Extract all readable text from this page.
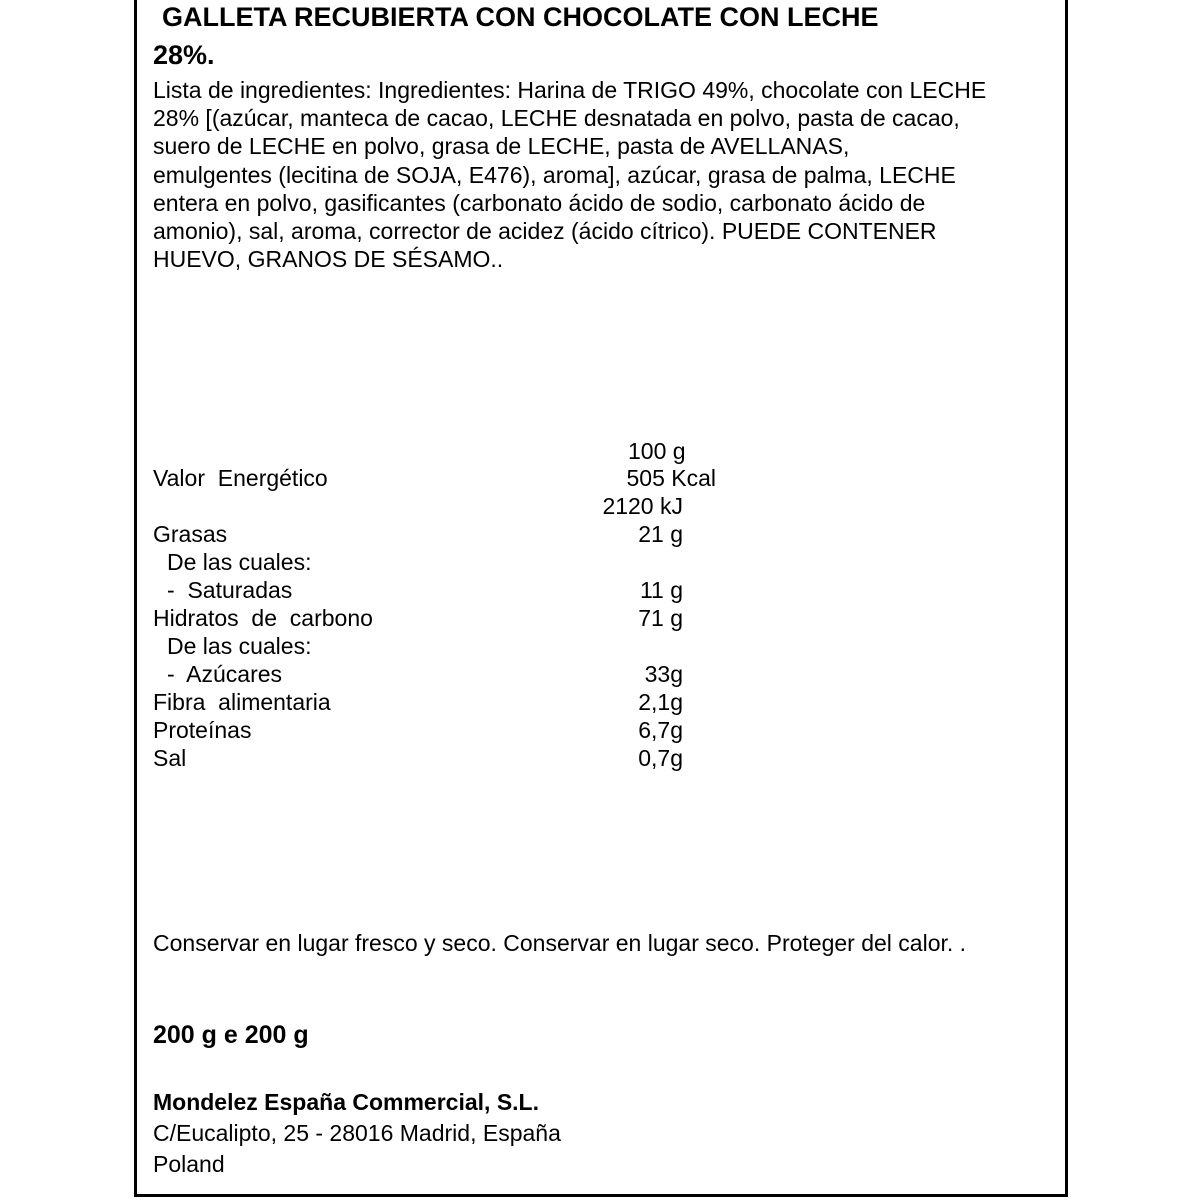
GALLETA RECUBIERTA CON CHOCOLATE CON LECHE
28%.
Lista de ingredientes: Ingredientes: Harina de TRIGO 49%, chocolate con LECHE
28% [(azúcar, manteca de cacao, LECHE desnatada en polvo, pasta de cacao,
suero de LECHE en polvo, grasa de LECHE, pasta de AVELLANAS,
emulgentes (lecitina de SOJA, E476), aroma], azúcar, grasa de palma, LECHE
entera en polvo, gasificantes (carbonato ácido de sodio, carbonato ácido de
amonio), sal, aroma, corrector de acidez (ácido cítrico). PUEDE CONTENER
HUEVO, GRANOS DE SÉSAMO..
100 g
Valor  Energético	505 Kcal
2120 kJ
Grasas	21 g
De las cuales:
-  Saturadas	11 g
Hidratos  de  carbono	71 g
De las cuales:
-  Azúcares	33g
Fibra  alimentaria	2,1g
Proteínas	6,7g
Sal	0,7g
Conservar en lugar fresco y seco. Conservar en lugar seco. Proteger del calor. .
200 g e 200 g
Mondelez España Commercial, S.L.
C/Eucalipto, 25 - 28016 Madrid, España
Poland
